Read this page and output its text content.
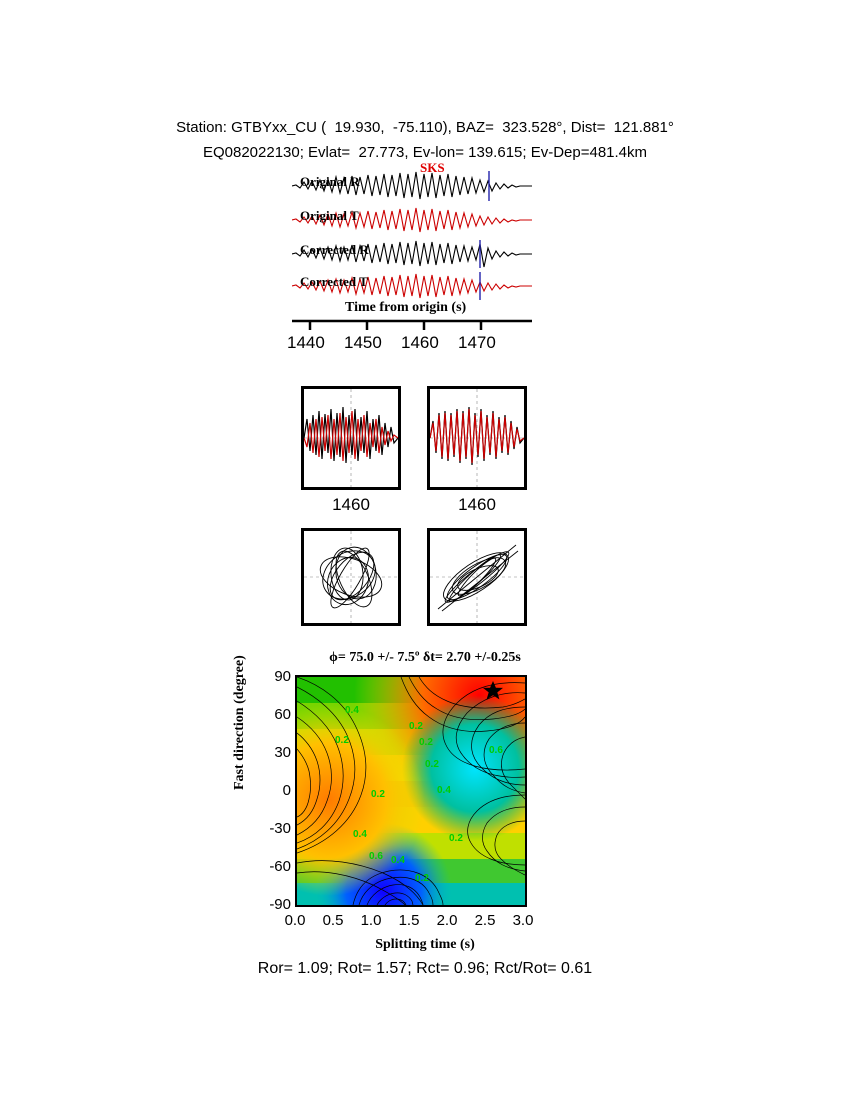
Station: GTBYxx_CU (  19.930,  -75.110), BAZ=  323.528°, Dist=  121.881°
EQ082022130; Evlat=  27.773, Ev-lon= 139.615; Ev-Dep=481.4km
Original R
Original T
Corrected R
Corrected T
SKS
Time from origin (s)
1440 1450 1460 1470
1460	1460
ϕ= 75.0 +/- 7.5º δt= 2.70 +/-0.25s
Fast direction (degree)	0.4
0.2
0.2
0.2
0.2
0.6
0.4
0.2
0.2
0.4
0.6 0.4
0.2
90
60
30
0
-30
-60
-90
0.0	0.5	1.0	1.5	2.0	2.5	3.0
Splitting time (s)
Ror= 1.09; Rot= 1.57; Rct= 0.96; Rct/Rot= 0.61
